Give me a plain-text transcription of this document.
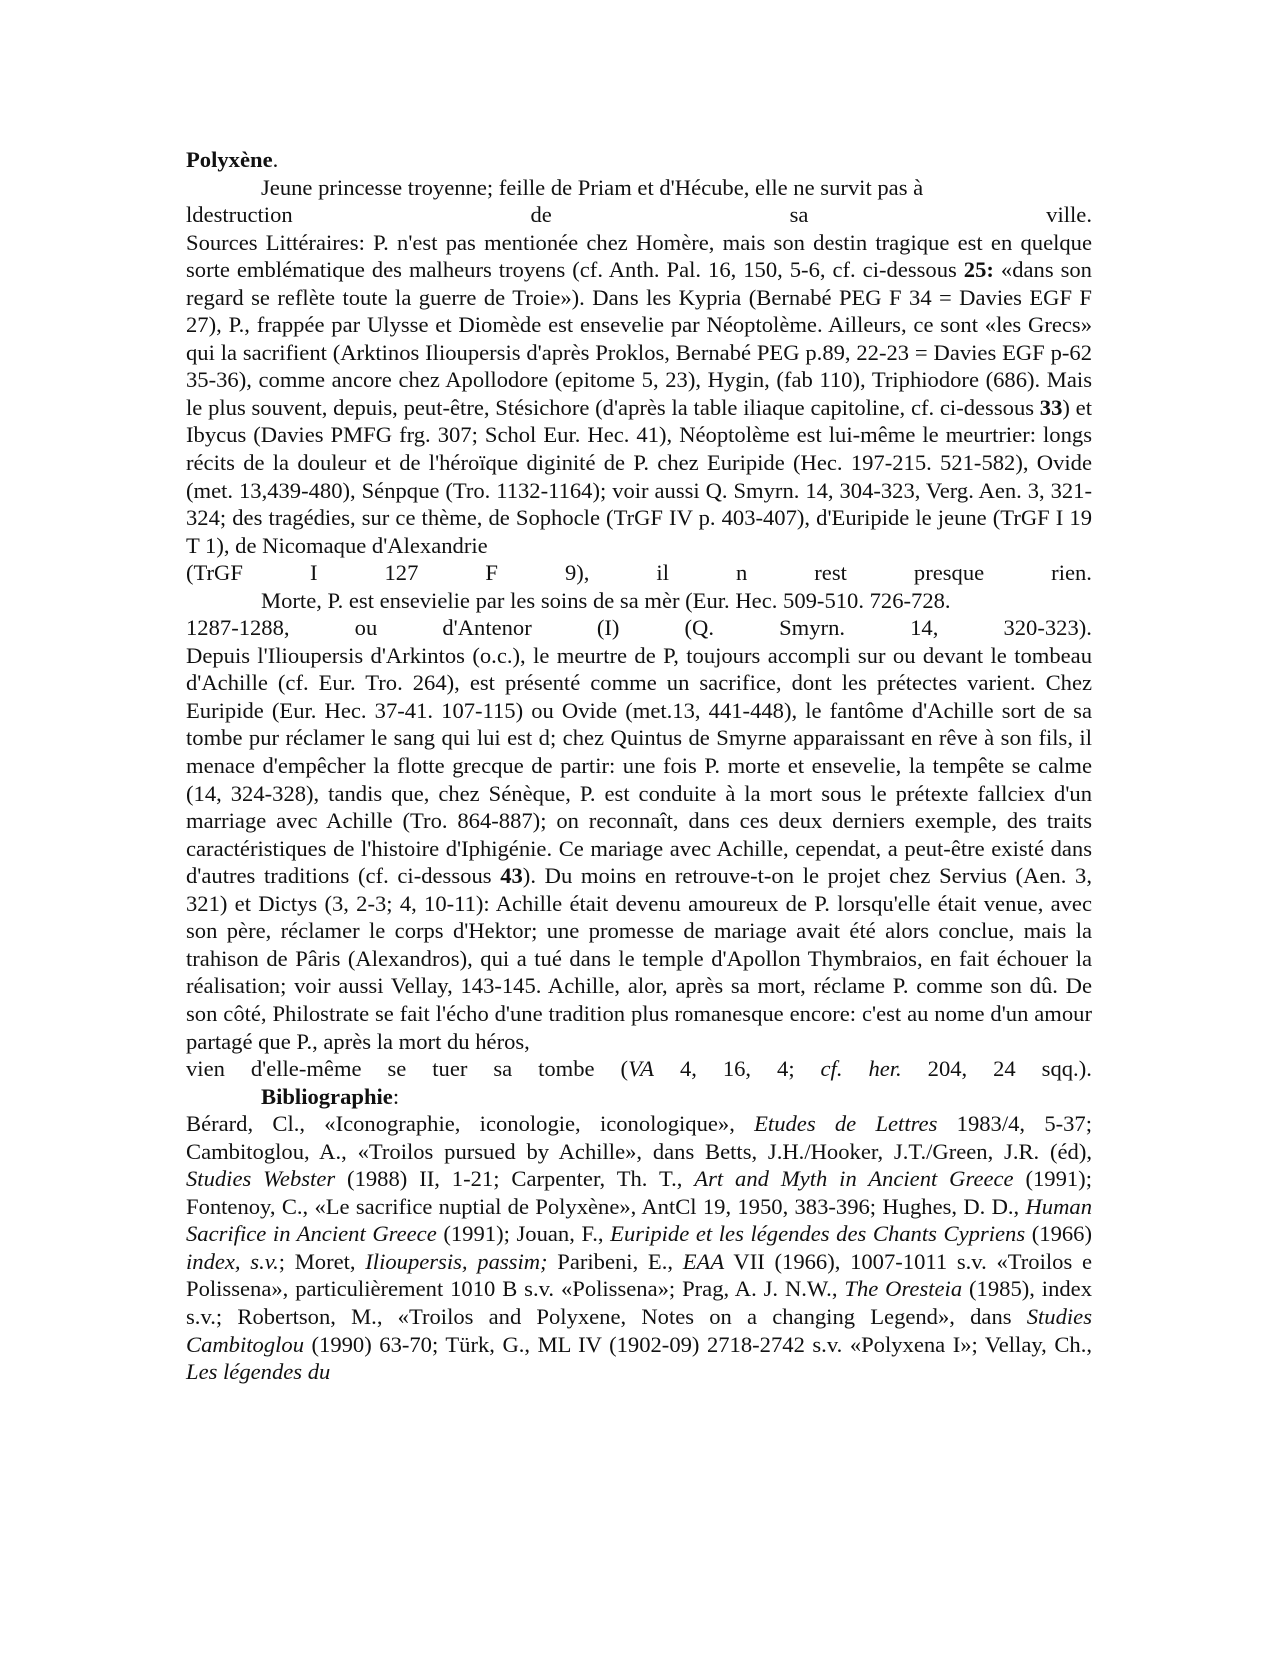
Polyxène.

Jeune princesse troyenne; feille de Priam et d'Hécube, elle ne survit pas à

ldestruction	de	sa	ville.

Sources Littéraires: P. n'est pas mentionée chez Homère, mais son destin tragique est en quelque sorte emblématique des malheurs troyens (cf. Anth. Pal. 16, 150, 5-6, cf. ci-dessous 25: «dans son regard se reflète toute la guerre de Troie»). Dans les Kypria (Bernabé PEG F 34 = Davies EGF F 27), P., frappée par Ulysse et Diomède est ensevelie par Néoptolème. Ailleurs, ce sont «les Grecs» qui la sacrifient (Arktinos Ilioupersis d'après Proklos, Bernabé PEG p.89, 22-23 = Davies EGF p-62 35-36), comme ancore chez Apollodore (epitome 5, 23), Hygin, (fab 110), Triphiodore (686). Mais le plus souvent, depuis, peut-être, Stésichore (d'après la table iliaque capitoline, cf. ci-dessous 33) et Ibycus (Davies PMFG frg. 307; Schol Eur. Hec. 41), Néoptolème est lui-même le meurtrier: longs récits de la douleur et de l'héroïque diginité de P. chez Euripide (Hec. 197-215. 521-582), Ovide (met. 13,439-480), Sénpque (Tro. 1132-1164); voir aussi Q. Smyrn. 14, 304-323, Verg. Aen. 3, 321-324; des tragédies, sur ce thème, de Sophocle (TrGF IV p. 403-407), d'Euripide le jeune (TrGF I 19 T 1), de Nicomaque d'Alexandrie

(TrGF	I	127	F	9),	il	n	rest	presque	rien.

Morte, P. est ensevielie par les soins de sa mèr (Eur. Hec. 509-510. 726-728.

1287-1288,	ou	d'Antenor	(I)	(Q.	Smyrn.	14,	320-323).

Depuis l'Ilioupersis d'Arkintos (o.c.), le meurtre de P, toujours accompli sur ou devant le tombeau d'Achille (cf. Eur. Tro. 264), est présenté comme un sacrifice, dont les prétectes varient. Chez Euripide (Eur. Hec. 37-41. 107-115) ou Ovide (met.13, 441-448), le fantôme d'Achille sort de sa tombe pur réclamer le sang qui lui est d; chez Quintus de Smyrne apparaissant en rêve à son fils, il menace d'empêcher la flotte grecque de partir: une fois P. morte et ensevelie, la tempête se calme (14, 324-328), tandis que, chez Sénèque, P. est conduite à la mort sous le prétexte fallciex d'un marriage avec Achille (Tro. 864-887); on reconnaît, dans ces deux derniers exemple, des traits caractéristiques de l'histoire d'Iphigénie. Ce mariage avec Achille, cependat, a peut-être existé dans d'autres traditions (cf. ci-dessous 43). Du moins en retrouve-t-on le projet chez Servius (Aen. 3, 321) et Dictys (3, 2-3; 4, 10-11): Achille était devenu amoureux de P. lorsqu'elle était venue, avec son père, réclamer le corps d'Hektor; une promesse de mariage avait été alors conclue, mais la trahison de Pâris (Alexandros), qui a tué dans le temple d'Apollon Thymbraios, en fait échouer la réalisation; voir aussi Vellay, 143-145. Achille, alor, après sa mort, réclame P. comme son dû. De son côté, Philostrate se fait l'écho d'une tradition plus romanesque encore: c'est au nome d'un amour partagé que P., après la mort du héros,

vien d'elle-même se tuer sa tombe (VA 4, 16, 4; cf. her. 204, 24 sqq.).

Bibliographie:

Bérard, Cl., «Iconographie, iconologie, iconologique», Etudes de Lettres 1983/4, 5-37; Cambitoglou, A., «Troilos pursued by Achille», dans Betts, J.H./Hooker, J.T./Green, J.R. (éd), Studies Webster (1988) II, 1-21; Carpenter, Th. T., Art and Myth in Ancient Greece (1991); Fontenoy, C., «Le sacrifice nuptial de Polyxène», AntCl 19, 1950, 383-396; Hughes, D. D., Human Sacrifice in Ancient Greece (1991); Jouan, F., Euripide et les légendes des Chants Cypriens (1966) index, s.v.; Moret, Ilioupersis, passim; Paribeni, E., EAA VII (1966), 1007-1011 s.v. «Troilos e Polissena», particulièrement 1010 B s.v. «Polissena»; Prag, A. J. N.W., The Oresteia (1985), index s.v.; Robertson, M., «Troilos and Polyxene, Notes on a changing Legend», dans Studies Cambitoglou (1990) 63-70; Türk, G., ML IV (1902-09) 2718-2742 s.v. «Polyxena I»; Vellay, Ch., Les légendes du
